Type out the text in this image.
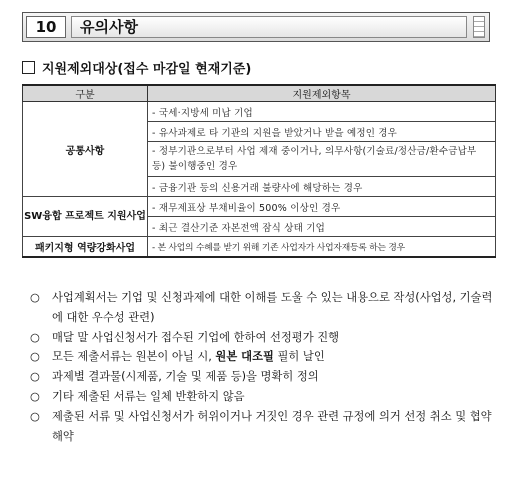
10	유의사항
지원제외대상(접수 마감일 현재기준)
구분	지원제외항목
공통사항	- 국세·지방세 미납 기업
	- 유사과제로 타 기관의 지원을 받았거나 받을 예정인 경우
	- 정부기관으로부터 사업 제재 중이거나, 의무사항(기술료/정산금/환수금납부 등) 불이행중인 경우
	- 금융기관 등의 신용거래 불량사에 해당하는 경우
SW융합 프로젝트 지원사업	- 재무제표상 부채비율이 500% 이상인 경우
	- 최근 결산기준 자본전액 잠식 상태 기업
패키지형 역량강화사업	- 본 사업의 수혜를 받기 위해 기존 사업자가 사업자재등록 하는 경우
○	사업계획서는 기업 및 신청과제에 대한 이해를 도울 수 있는 내용으로 작성(사업성, 기술력에 대한 우수성 관련)
○	매달 말 사업신청서가 접수된 기업에 한하여 선정평가 진행
○	모든 제출서류는 원본이 아닐 시, 원본 대조필 필히 날인
○	과제별 결과물(시제품, 기술 및 제품 등)을 명확히 정의
○	기타 제출된 서류는 일체 반환하지 않음
○	제출된 서류 및 사업신청서가 허위이거나 거짓인 경우 관련 규정에 의거 선정 취소 및 협약 해약
